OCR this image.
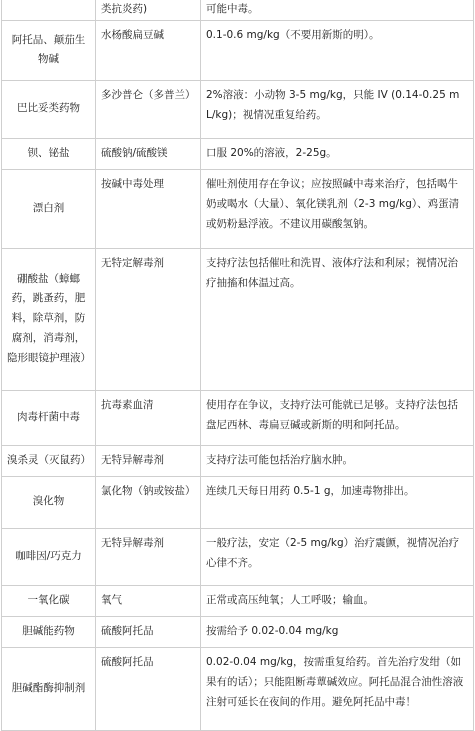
	类抗炎药)	可能中毒。
阿托品、颠茄生物碱	水杨酸扁豆碱	0.1-0.6 mg/kg（不要用新斯的明）。
巴比妥类药物	多沙普仑（多普兰）	2%溶液：小动物 3-5 mg/kg，只能 IV (0.14-0.25 mL/kg)；视情况重复给药。
钡、铋盐	硫酸钠/硫酸镁	口服 20%的溶液，2-25g。
漂白剂	按碱中毒处理	催吐剂使用存在争议；应按照碱中毒来治疗，包括喝牛奶或喝水（大量）、氧化镁乳剂（2-3 mg/kg）、鸡蛋清或奶粉悬浮液。不建议用碳酸氢钠。
硼酸盐（蟑螂药，跳蚤药，肥料，除草剂，防腐剂，消毒剂，隐形眼镜护理液）	无特定解毒剂	支持疗法包括催吐和洗胃、液体疗法和利尿；视情况治疗抽搐和体温过高。
肉毒杆菌中毒	抗毒素血清	使用存在争议，支持疗法可能就已足够。支持疗法包括盘尼西林、毒扁豆碱或新斯的明和阿托品。
溴杀灵（灭鼠药）	无特异解毒剂	支持疗法可能包括治疗脑水肿。
溴化物	氯化物（钠或铵盐）	连续几天每日用药 0.5-1 g，加速毒物排出。
咖啡因/巧克力	无特异解毒剂	一般疗法，安定（2-5 mg/kg）治疗震颤，视情况治疗心律不齐。
一氧化碳	氧气	正常或高压纯氧；人工呼吸；输血。
胆碱能药物	硫酸阿托品	按需给予 0.02-0.04 mg/kg
胆碱酯酶抑制剂	硫酸阿托品	0.02-0.04 mg/kg，按需重复给药。首先治疗发绀（如果有的话）；只能阻断毒蕈碱效应。阿托品混合油性溶液注射可延长在夜间的作用。避免阿托品中毒！
